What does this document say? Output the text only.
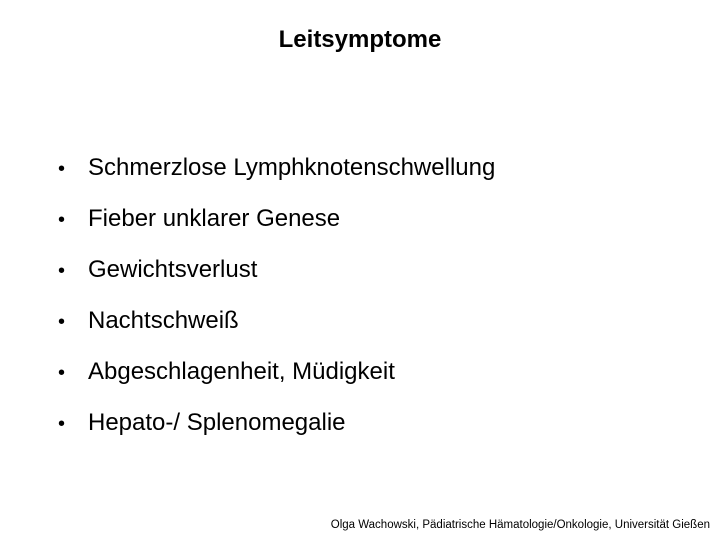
Leitsymptome
• Schmerzlose Lymphknotenschwellung
• Fieber unklarer Genese
• Gewichtsverlust
• Nachtschweiß
• Abgeschlagenheit, Müdigkeit
• Hepato-/ Splenomegalie
Olga Wachowski, Pädiatrische Hämatologie/Onkologie, Universität Gießen
